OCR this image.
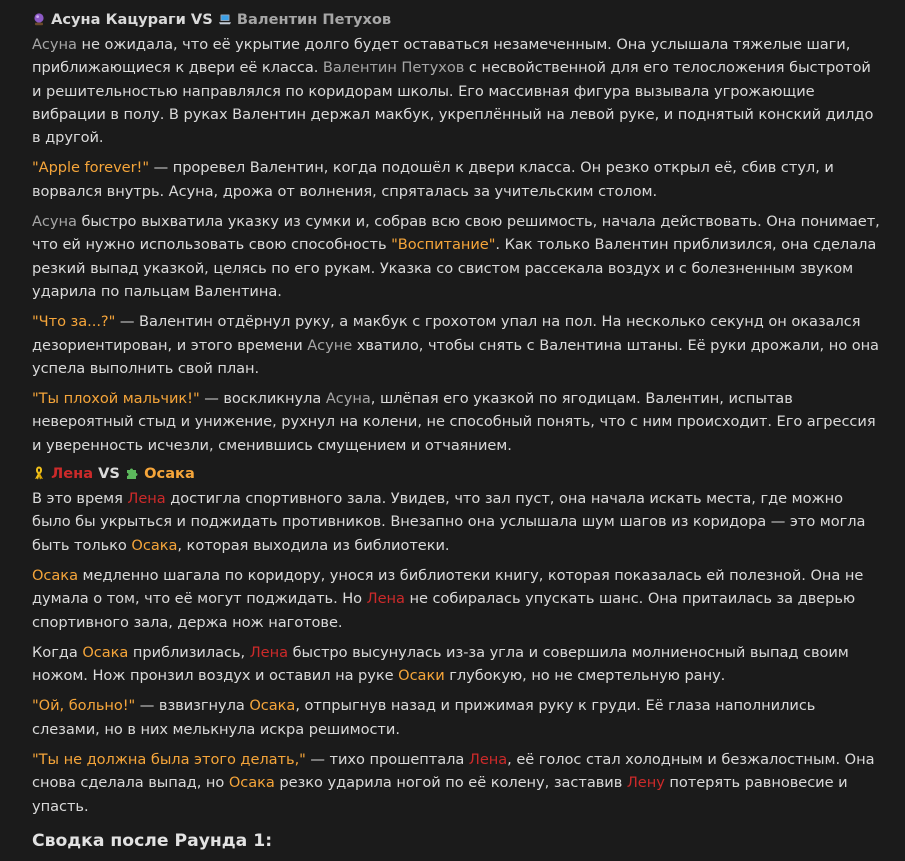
Асуна Кацураги VS Валентин Петухов

Асуна не ожидала, что её укрытие долго будет оставаться незамеченным. Она услышала тяжелые шаги, приближающиеся к двери её класса. Валентин Петухов с несвойственной для его телосложения быстротой и решительностью направлялся по коридорам школы. Его массивная фигура вызывала угрожающие вибрации в полу. В руках Валентин держал макбук, укреплённый на левой руке, и поднятый конский дилдо в другой.

"Apple forever!" — проревел Валентин, когда подошёл к двери класса. Он резко открыл её, сбив стул, и ворвался внутрь. Асуна, дрожа от волнения, спряталась за учительским столом.

Асуна быстро выхватила указку из сумки и, собрав всю свою решимость, начала действовать. Она понимает, что ей нужно использовать свою способность "Воспитание". Как только Валентин приблизился, она сделала резкий выпад указкой, целясь по его рукам. Указка со свистом рассекала воздух и с болезненным звуком ударила по пальцам Валентина.

"Что за...?" — Валентин отдёрнул руку, а макбук с грохотом упал на пол. На несколько секунд он оказался дезориентирован, и этого времени Асуне хватило, чтобы снять с Валентина штаны. Её руки дрожали, но она успела выполнить свой план.

"Ты плохой мальчик!" — воскликнула Асуна, шлёпая его указкой по ягодицам. Валентин, испытав невероятный стыд и унижение, рухнул на колени, не способный понять, что с ним происходит. Его агрессия и уверенность исчезли, сменившись смущением и отчаянием.

Лена VS Осака

В это время Лена достигла спортивного зала. Увидев, что зал пуст, она начала искать места, где можно было бы укрыться и поджидать противников. Внезапно она услышала шум шагов из коридора — это могла быть только Осака, которая выходила из библиотеки.

Осака медленно шагала по коридору, унося из библиотеки книгу, которая показалась ей полезной. Она не думала о том, что её могут поджидать. Но Лена не собиралась упускать шанс. Она притаилась за дверью спортивного зала, держа нож наготове.

Когда Осака приблизилась, Лена быстро высунулась из-за угла и совершила молниеносный выпад своим ножом. Нож пронзил воздух и оставил на руке Осаки глубокую, но не смертельную рану.

"Ой, больно!" — взвизгнула Осака, отпрыгнув назад и прижимая руку к груди. Её глаза наполнились слезами, но в них мелькнула искра решимости.

"Ты не должна была этого делать," — тихо прошептала Лена, её голос стал холодным и безжалостным. Она снова сделала выпад, но Осака резко ударила ногой по её колену, заставив Лену потерять равновесие и упасть.

Сводка после Раунда 1:
